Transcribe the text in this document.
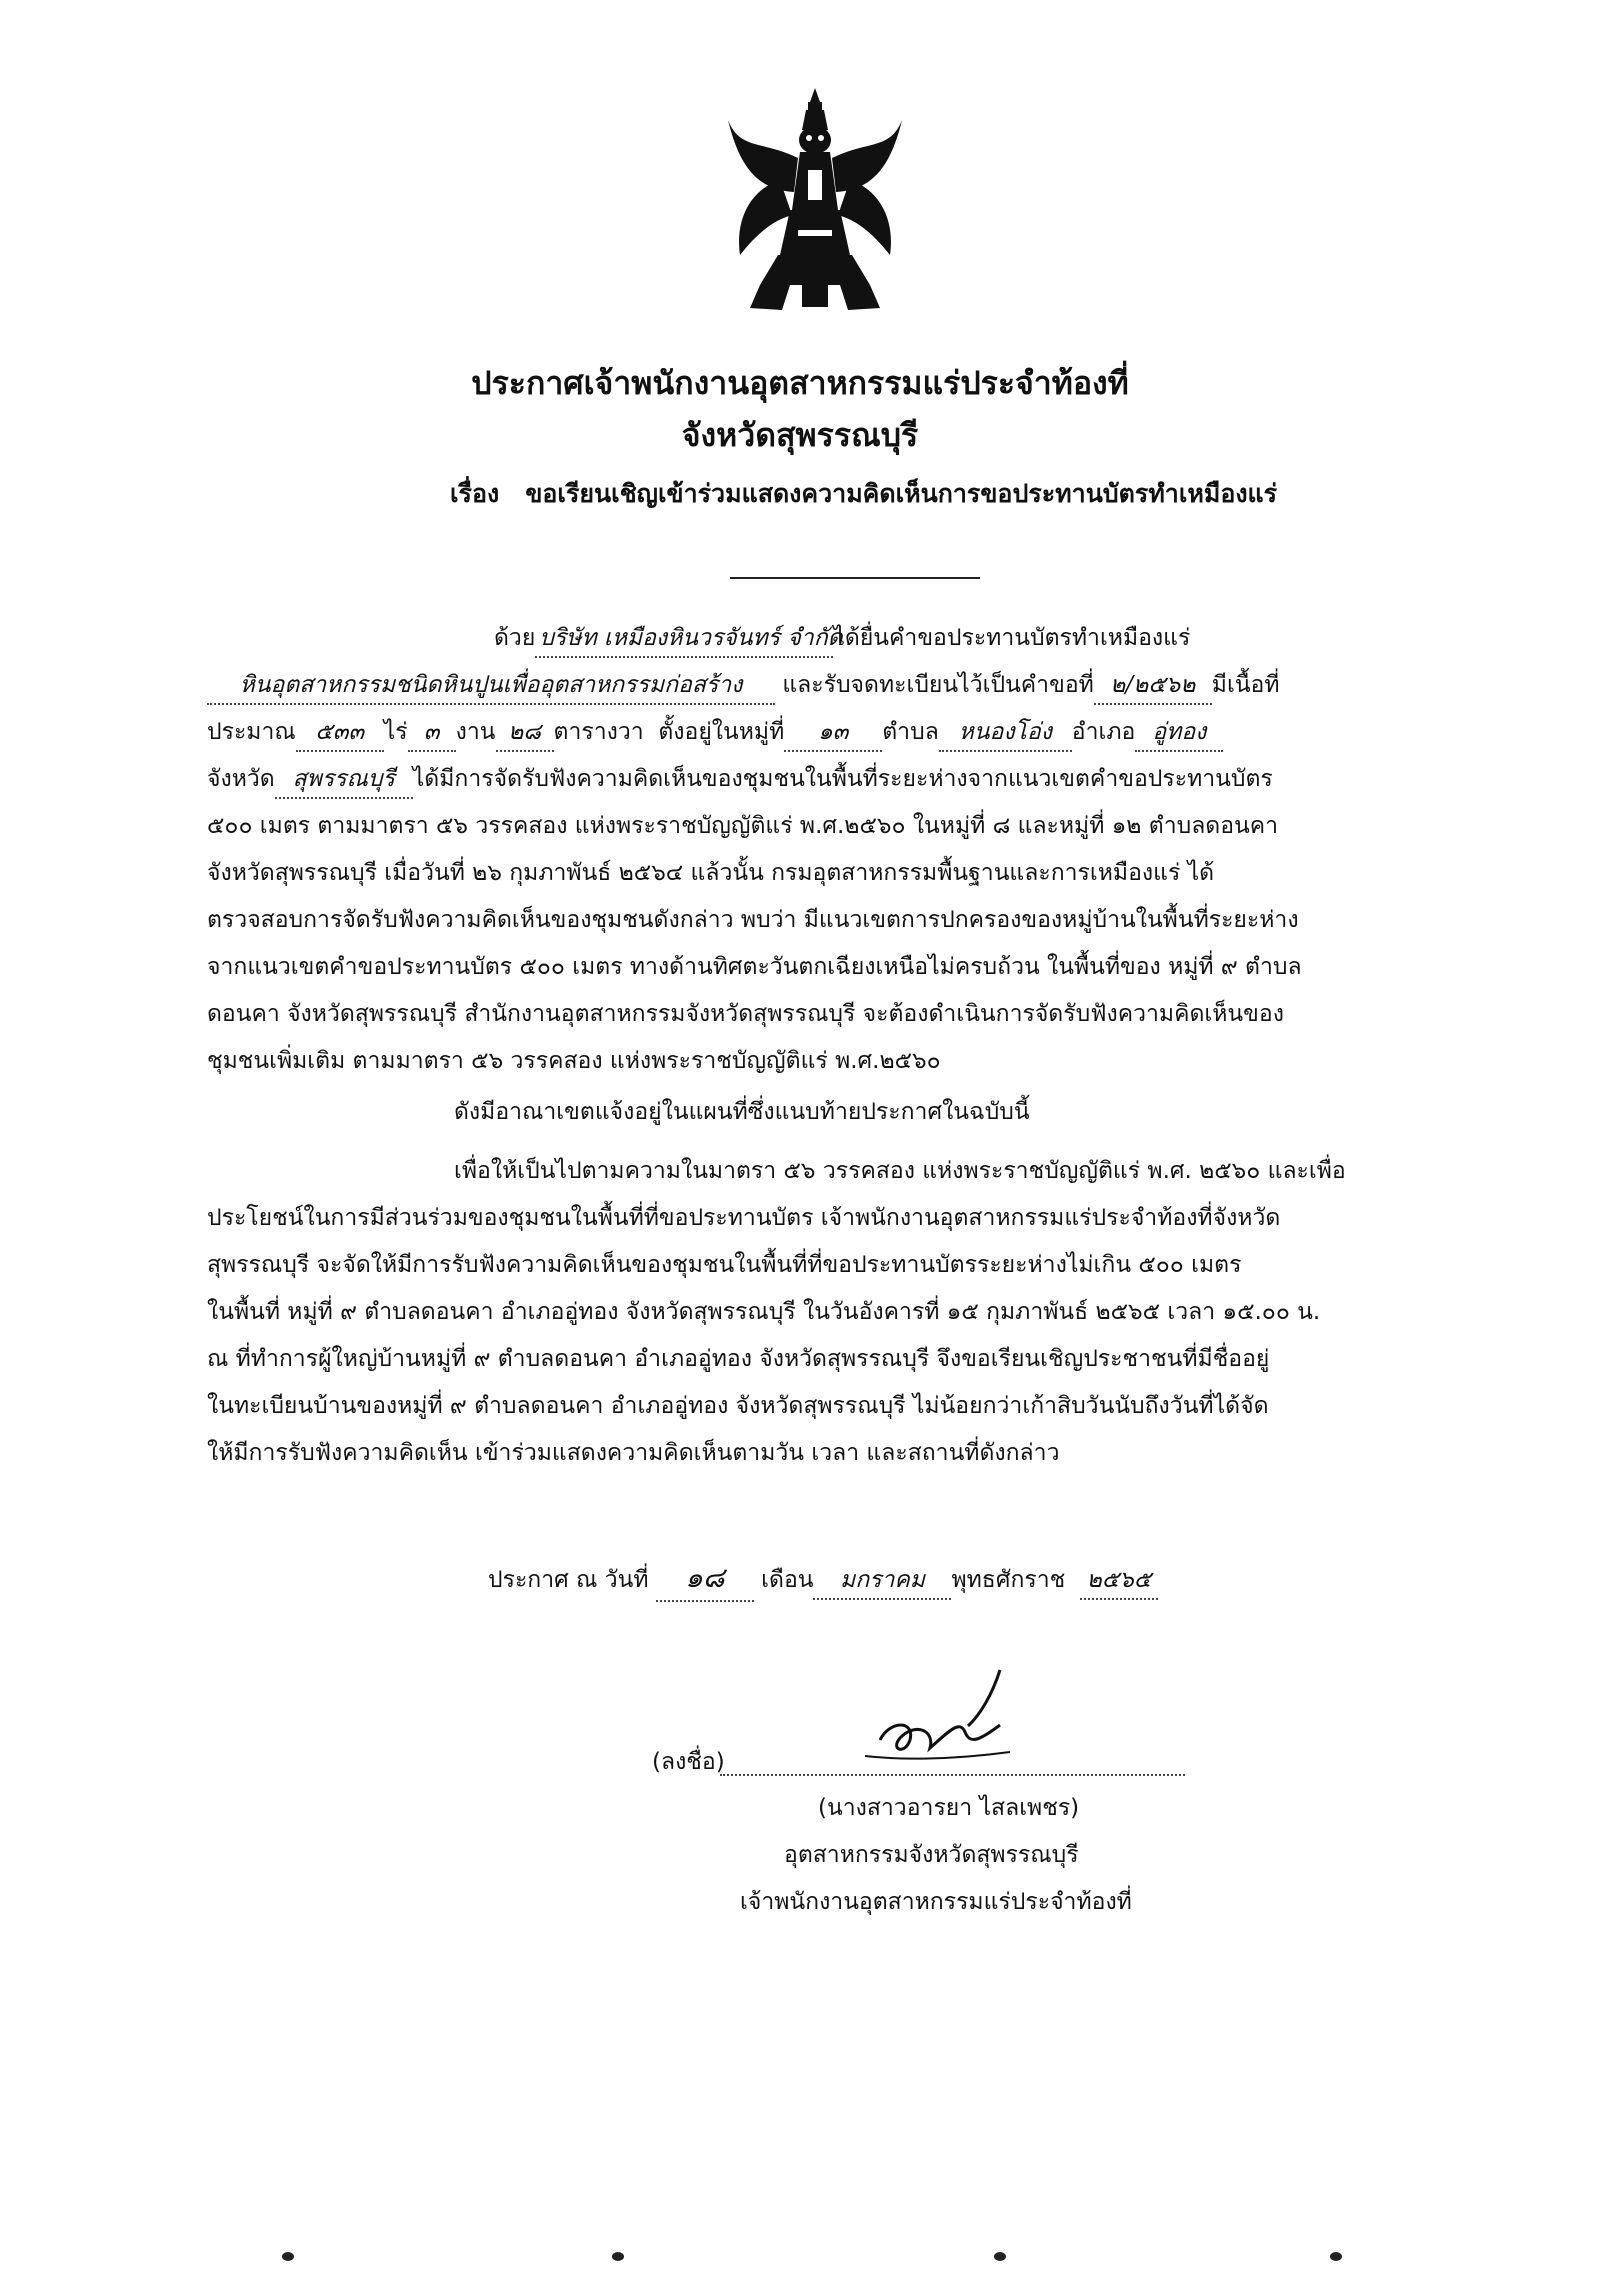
ประกาศเจ้าพนักงานอุตสาหกรรมแร่ประจำท้องที่
จังหวัดสุพรรณบุรี
เรื่อง ขอเรียนเชิญเข้าร่วมแสดงความคิดเห็นการขอประทานบัตรทำเหมืองแร่
ด้วย บริษัท เหมืองหินวรจันทร์ จำกัดได้ยื่นคำขอประทานบัตรทำเหมืองแร่
หินอุตสาหกรรมชนิดหินปูนเพื่ออุตสาหกรรมก่อสร้าง และรับจดทะเบียนไว้เป็นคำขอที่ ๒/๒๕๖๒ มีเนื้อที่
ประมาณ ๕๓๓ ไร่ ๓ งาน ๒๘ ตารางวา ตั้งอยู่ในหมู่ที่ ๑๓ ตำบล หนองโอ่ง อำเภอ อู่ทอง
จังหวัด สุพรรณบุรี ได้มีการจัดรับฟังความคิดเห็นของชุมชนในพื้นที่ระยะห่างจากแนวเขตคำขอประทานบัตร
๕๐๐ เมตร ตามมาตรา ๕๖ วรรคสอง แห่งพระราชบัญญัติแร่ พ.ศ.๒๕๖๐ ในหมู่ที่ ๘ และหมู่ที่ ๑๒ ตำบลดอนคา
จังหวัดสุพรรณบุรี เมื่อวันที่ ๒๖ กุมภาพันธ์ ๒๕๖๔ แล้วนั้น กรมอุตสาหกรรมพื้นฐานและการเหมืองแร่ ได้
ตรวจสอบการจัดรับฟังความคิดเห็นของชุมชนดังกล่าว พบว่า มีแนวเขตการปกครองของหมู่บ้านในพื้นที่ระยะห่าง
จากแนวเขตคำขอประทานบัตร ๕๐๐ เมตร ทางด้านทิศตะวันตกเฉียงเหนือไม่ครบถ้วน ในพื้นที่ของ หมู่ที่ ๙ ตำบล
ดอนคา จังหวัดสุพรรณบุรี สำนักงานอุตสาหกรรมจังหวัดสุพรรณบุรี จะต้องดำเนินการจัดรับฟังความคิดเห็นของ
ชุมชนเพิ่มเติม ตามมาตรา ๕๖ วรรคสอง แห่งพระราชบัญญัติแร่ พ.ศ.๒๕๖๐
ดังมีอาณาเขตแจ้งอยู่ในแผนที่ซึ่งแนบท้ายประกาศในฉบับนี้
เพื่อให้เป็นไปตามความในมาตรา ๕๖ วรรคสอง แห่งพระราชบัญญัติแร่ พ.ศ. ๒๕๖๐ และเพื่อ
ประโยชน์ในการมีส่วนร่วมของชุมชนในพื้นที่ที่ขอประทานบัตร เจ้าพนักงานอุตสาหกรรมแร่ประจำท้องที่จังหวัด
สุพรรณบุรี จะจัดให้มีการรับฟังความคิดเห็นของชุมชนในพื้นที่ที่ขอประทานบัตรระยะห่างไม่เกิน ๕๐๐ เมตร
ในพื้นที่ หมู่ที่ ๙ ตำบลดอนคา อำเภออู่ทอง จังหวัดสุพรรณบุรี ในวันอังคารที่ ๑๕ กุมภาพันธ์ ๒๕๖๕ เวลา ๑๕.๐๐ น.
ณ ที่ทำการผู้ใหญ่บ้านหมู่ที่ ๙ ตำบลดอนคา อำเภออู่ทอง จังหวัดสุพรรณบุรี จึงขอเรียนเชิญประชาชนที่มีชื่ออยู่
ในทะเบียนบ้านของหมู่ที่ ๙ ตำบลดอนคา อำเภออู่ทอง จังหวัดสุพรรณบุรี ไม่น้อยกว่าเก้าสิบวันนับถึงวันที่ได้จัด
ให้มีการรับฟังความคิดเห็น เข้าร่วมแสดงความคิดเห็นตามวัน เวลา และสถานที่ดังกล่าว
ประกาศ ณ วันที่ ๑๘ เดือน มกราคม พุทธศักราช ๒๕๖๕
(ลงชื่อ)
(นางสาวอารยา ไสลเพชร)
อุตสาหกรรมจังหวัดสุพรรณบุรี
เจ้าพนักงานอุตสาหกรรมแร่ประจำท้องที่
